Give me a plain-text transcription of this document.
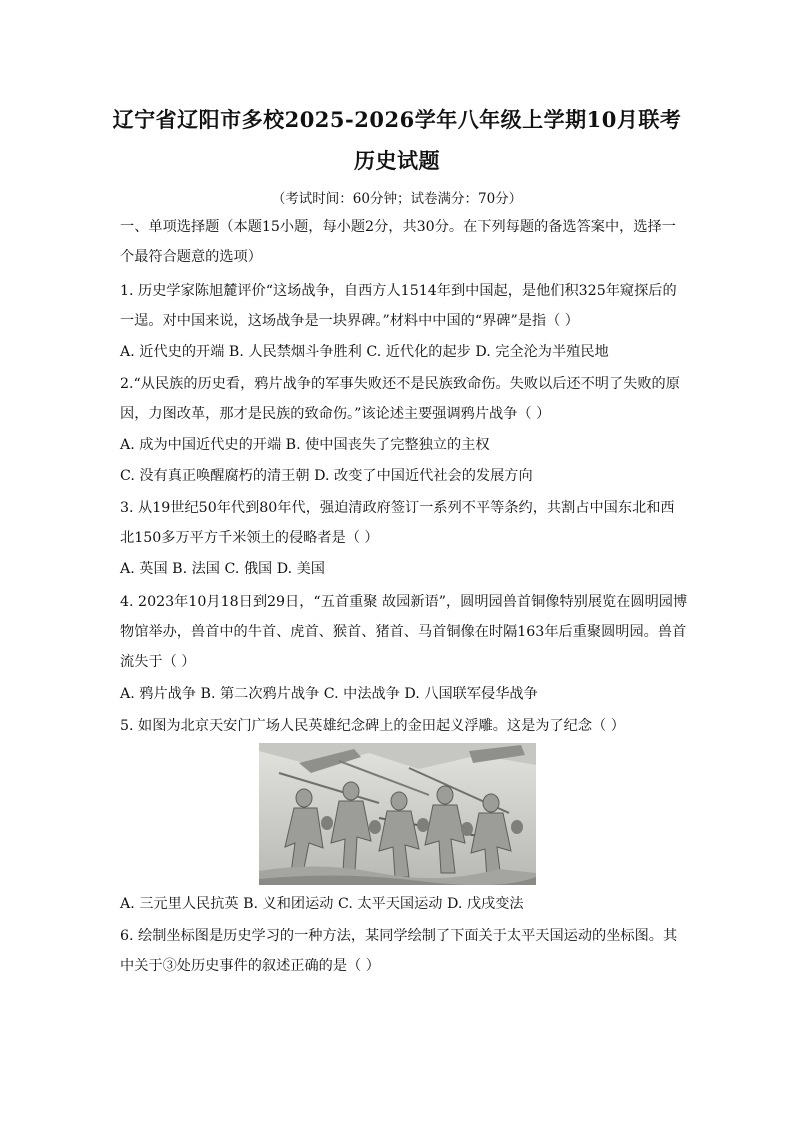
辽宁省辽阳市多校2025-2026学年八年级上学期10月联考
历史试题
（考试时间：60分钟；试卷满分：70分）
一、单项选择题（本题15小题，每小题2分，共30分。在下列每题的备选答案中，选择一
个最符合题意的选项）
1. 历史学家陈旭麓评价“这场战争，自西方人1514年到中国起，是他们积325年窥探后的
一逞。对中国来说，这场战争是一块界碑。”材料中中国的“界碑”是指（ ）
A. 近代史的开端 B. 人民禁烟斗争胜利 C. 近代化的起步 D. 完全沦为半殖民地
2.“从民族的历史看，鸦片战争的军事失败还不是民族致命伤。失败以后还不明了失败的原
因，力图改革，那才是民族的致命伤。”该论述主要强调鸦片战争（ ）
A. 成为中国近代史的开端 B. 使中国丧失了完整独立的主权
C. 没有真正唤醒腐朽的清王朝 D. 改变了中国近代社会的发展方向
3. 从19世纪50年代到80年代，强迫清政府签订一系列不平等条约，共割占中国东北和西
北150多万平方千米领土的侵略者是（ ）
A. 英国 B. 法国 C. 俄国 D. 美国
4. 2023年10月18日到29日，“五首重聚 故园新语”，圆明园兽首铜像特别展览在圆明园博
物馆举办，兽首中的牛首、虎首、猴首、猪首、马首铜像在时隔163年后重聚圆明园。兽首
流失于（ ）
A. 鸦片战争 B. 第二次鸦片战争 C. 中法战争 D. 八国联军侵华战争
5. 如图为北京天安门广场人民英雄纪念碑上的金田起义浮雕。这是为了纪念（ ）
A. 三元里人民抗英 B. 义和团运动 C. 太平天国运动 D. 戊戌变法
6. 绘制坐标图是历史学习的一种方法，某同学绘制了下面关于太平天国运动的坐标图。其
中关于③处历史事件的叙述正确的是（ ）
